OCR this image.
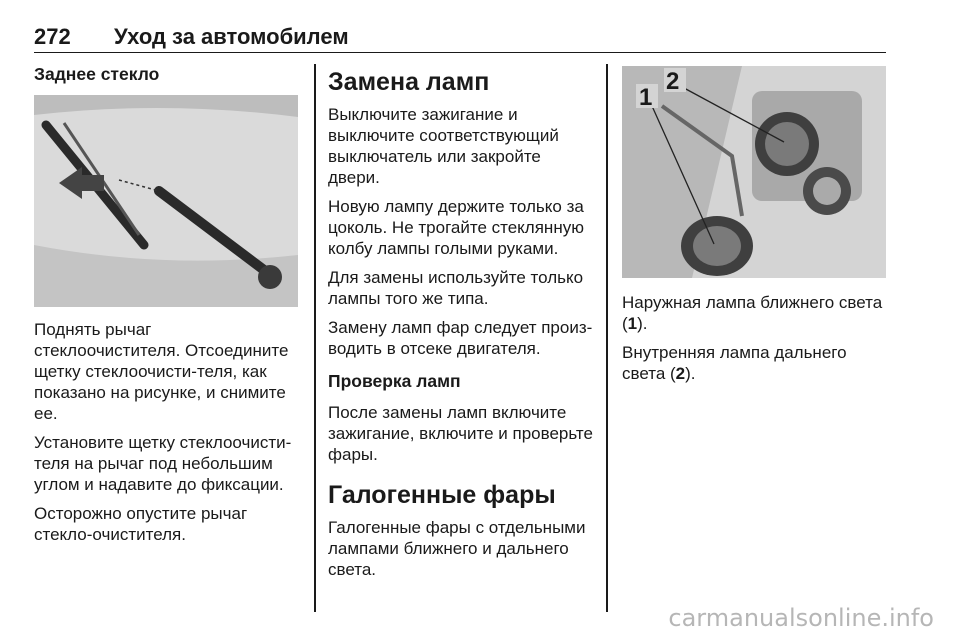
272 Уход за автомобилем
Заднее стекло

Поднять рычаг стеклоочистителя. Отсоедините щетку стеклоочисти-теля, как показано на рисунке, и снимите ее.

Установите щетку стеклоочисти-теля на рычаг под небольшим углом и надавите до фиксации.

Осторожно опустите рычаг стекло-очистителя.

Замена ламп

Выключите зажигание и выключите соответствующий выключатель или закройте двери.

Новую лампу держите только за цоколь. Не трогайте стеклянную колбу лампы голыми руками.

Для замены используйте только лампы того же типа.

Замену ламп фар следует произ-водить в отсеке двигателя.

Проверка ламп

После замены ламп включите зажигание, включите и проверьте фары.

Галогенные фары

Галогенные фары с отдельными лампами ближнего и дальнего света.

1
2

Наружная лампа ближнего света (1).

Внутренняя лампа дальнего света (2).

carmanualsonline.info
